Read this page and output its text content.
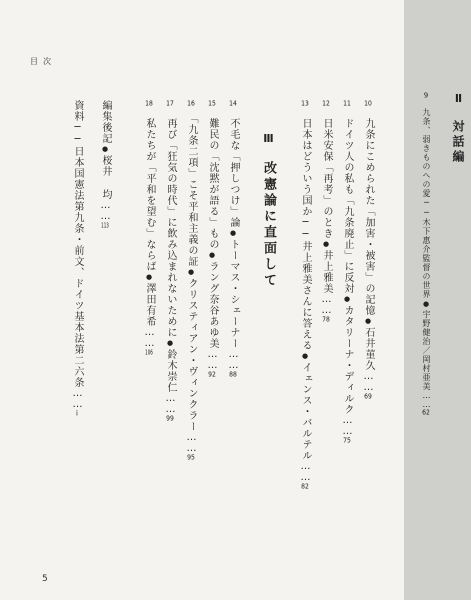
目次
10　九条にこめられた「加害・被害」の記憶●石井菫久……69
11　ドイツ人の私も「九条廃止」に反対●カタリーナ・ディルク……75
12　日米安保「再考」のとき●井上雅美……78
13　日本はどういう国か──井上雅美さんに答える●イェンス・バルテル……82
Ⅲ　改憲論に直面して
14　不毛な「押しつけ」論●トーマス・シェーナー……88
15　難民の「沈黙が語る」もの●ラング奈谷あゆ美……92
16　「九条二項」こそ平和主義の証●クリスティアン・ヴィンクラー……95
17　再び「狂気の時代」に飲み込まれないために●鈴木崇仁……99
18　私たちが「平和を望む」ならば●澤田有希……106
編集後記●桜井 均……113
資料──日本国憲法第九条・前文、ドイツ基本法第二六条……i
5
Ⅱ　対話編
9　九条、弱きものへの愛──木下惠介監督の世界●宇野健治／岡村亜美……62
